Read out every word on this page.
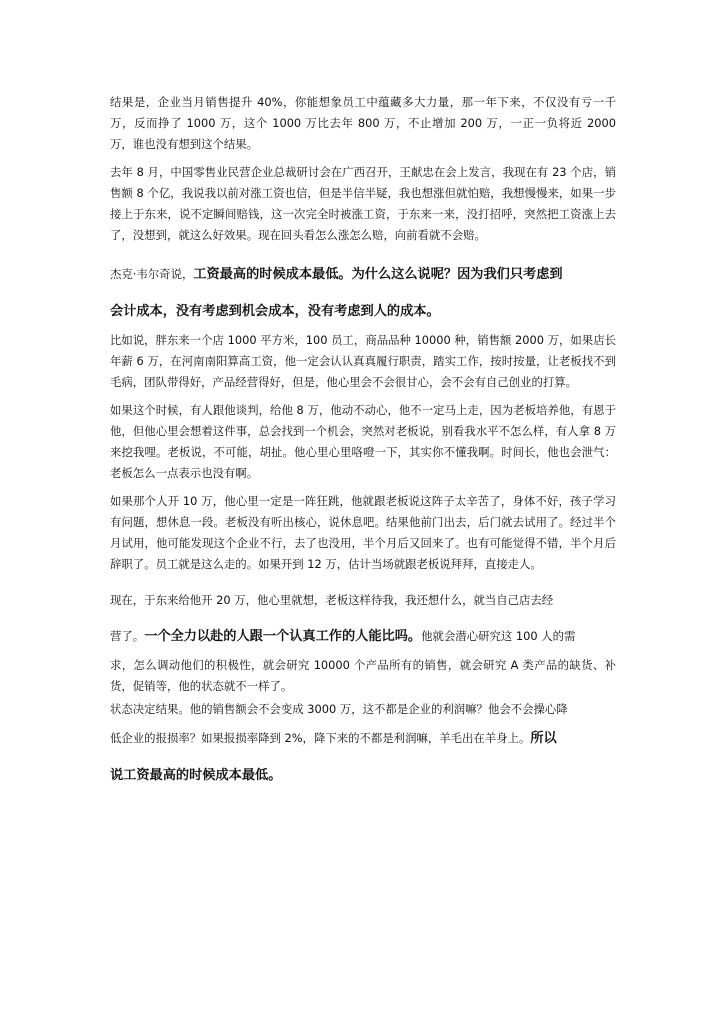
结果是，企业当月销售提升 40%，你能想象员工中蕴藏多大力量，那一年下来，不仅没有亏一千万，反而挣了 1000 万，这个 1000 万比去年 800 万，不止增加 200 万，一正一负将近 2000 万，谁也没有想到这个结果。

去年 8 月，中国零售业民营企业总裁研讨会在广西召开，王献忠在会上发言，我现在有 23 个店，销售额 8 个亿，我说我以前对涨工资也信，但是半信半疑，我也想涨但就怕赔，我想慢慢来，如果一步接上于东来，说不定瞬间赔钱，这一次完全时被涨工资，于东来一来，没打招呼，突然把工资涨上去了，没想到，就这么好效果。现在回头看怎么涨怎么赔，向前看就不会赔。

杰克·韦尔奇说，工资最高的时候成本最低。为什么这么说呢？因为我们只考虑到
会计成本，没有考虑到机会成本，没有考虑到人的成本。

比如说，胖东来一个店 1000 平方米，100 员工，商品品种 10000 种，销售额 2000 万，如果店长年薪 6 万，在河南南阳算高工资，他一定会认认真真履行职责，踏实工作，按时按量，让老板找不到毛病，团队带得好，产品经营得好，但是，他心里会不会很甘心，会不会有自己创业的打算。

如果这个时候，有人跟他谈判，给他 8 万，他动不动心，他不一定马上走，因为老板培养他，有恩于他，但他心里会想着这件事，总会找到一个机会，突然对老板说，别看我水平不怎么样，有人拿 8 万来挖我哩。老板说，不可能，胡扯。他心里心里咯噔一下，其实你不懂我啊。时间长，他也会泄气：老板怎么一点表示也没有啊。

如果那个人开 10 万，他心里一定是一阵狂跳，他就跟老板说这阵子太辛苦了，身体不好，孩子学习有问题，想休息一段。老板没有听出核心，说休息吧。结果他前门出去，后门就去试用了。经过半个月试用，他可能发现这个企业不行，去了也没用，半个月后又回来了。也有可能觉得不错，半个月后辞职了。员工就是这么走的。如果开到 12 万，估计当场就跟老板说拜拜，直接走人。

现在，于东来给他开 20 万，他心里就想，老板这样待我，我还想什么，就当自己店去经
营了。一个全力以赴的人跟一个认真工作的人能比吗。他就会潜心研究这 100 人的需

求，怎么调动他们的积极性，就会研究 10000 个产品所有的销售，就会研究 A 类产品的缺货、补货，促销等，他的状态就不一样了。

状态决定结果。他的销售额会不会变成 3000 万，这不都是企业的利润嘛？他会不会操心降

低企业的报损率？如果报损率降到 2%，降下来的不都是利润嘛，羊毛出在羊身上。所以
说工资最高的时候成本最低。
